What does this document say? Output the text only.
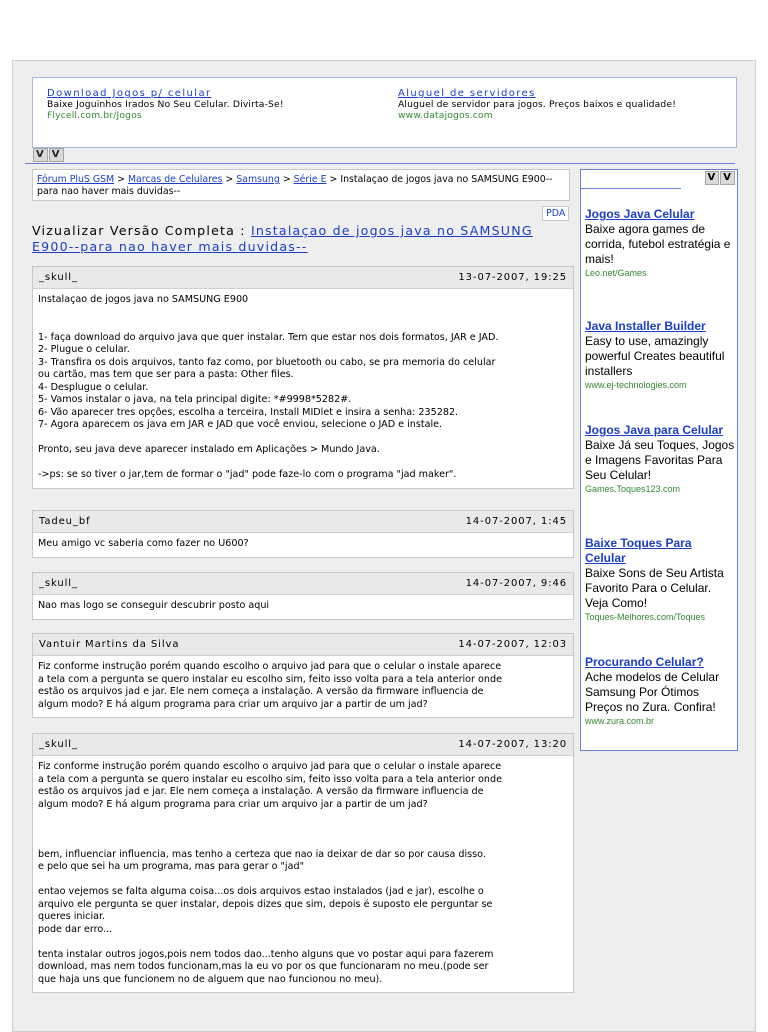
Download Jogos p/ celular
Baixe Joguinhos Irados No Seu Celular. Divirta-Se!
Flycell.com.br/Jogos
Aluguel de servidores
Aluguel de servidor para jogos. Preços baixos e qualidade!
www.datajogos.com
V V
Fórum PluS GSM > Marcas de Celulares > Samsung > Série E > Instalaçao de jogos java no SAMSUNG E900--para nao haver mais duvidas--
PDA
Vizualizar Versão Completa : Instalaçao de jogos java no SAMSUNG E900--para nao haver mais duvidas--
_skull_	13-07-2007, 19:25

Instalaçao de jogos java no SAMSUNG E900

1- faça download do arquivo java que quer instalar. Tem que estar nos dois formatos, JAR e JAD.

2- Plugue o celular.

3- Transfira os dois arquivos, tanto faz como, por bluetooth ou cabo, se pra memoria do celular

ou cartão, mas tem que ser para a pasta: Other files.

4- Desplugue o celular.

5- Vamos instalar o java, na tela principal digite: *#9998*5282#.

6- Vão aparecer tres opções, escolha a terceira, Install MIDlet e insira a senha: 235282.

7- Agora aparecem os java em JAR e JAD que você enviou, selecione o JAD e instale.

Pronto, seu java deve aparecer instalado em Aplicações > Mundo Java.

->ps: se so tiver o jar,tem de formar o "jad" pode faze-lo com o programa "jad maker".

Tadeu_bf	14-07-2007, 1:45

Meu amigo vc saberia como fazer no U600?

_skull_	14-07-2007, 9:46

Nao mas logo se conseguir descubrir posto aqui

Vantuir Martins da Silva	14-07-2007, 12:03

Fiz conforme instrução porém quando escolho o arquivo jad para que o celular o instale aparece

a tela com a pergunta se quero instalar eu escolho sim, feito isso volta para a tela anterior onde

estão os arquivos jad e jar. Ele nem começa a instalação. A versão da firmware influencia de

algum modo? E há algum programa para criar um arquivo jar a partir de um jad?

_skull_	14-07-2007, 13:20

Fiz conforme instrução porém quando escolho o arquivo jad para que o celular o instale aparece

a tela com a pergunta se quero instalar eu escolho sim, feito isso volta para a tela anterior onde

estão os arquivos jad e jar. Ele nem começa a instalação. A versão da firmware influencia de

algum modo? E há algum programa para criar um arquivo jar a partir de um jad?

bem, influenciar influencia, mas tenho a certeza que nao ia deixar de dar so por causa disso.

e pelo que sei ha um programa, mas para gerar o "jad"

entao vejemos se falta alguma coisa...os dois arquivos estao instalados (jad e jar), escolhe o

arquivo ele pergunta se quer instalar, depois dizes que sim, depois é suposto ele perguntar se

queres iniciar.

pode dar erro...

tenta instalar outros jogos,pois nem todos dao...tenho alguns que vo postar aqui para fazerem

download, mas nem todos funcionam,mas la eu vo por os que funcionaram no meu.(pode ser

que haja uns que funcionem no de alguem que nao funcionou no meu).

V V
Jogos Java Celular
Baixe agora games de corrida, futebol estratégia e mais!
Leo.net/Games
Java Installer Builder
Easy to use, amazingly powerful Creates beautiful installers
www.ej-technologies.com
Jogos Java para Celular
Baixe Já seu Toques, Jogos e Imagens Favoritas Para Seu Celular!
Games.Toques123.com
Baixe Toques Para Celular
Baixe Sons de Seu Artista Favorito Para o Celular. Veja Como!
Toques-Melhores.com/Toques
Procurando Celular?
Ache modelos de Celular Samsung Por Ótimos Preços no Zura. Confira!
www.zura.com.br
